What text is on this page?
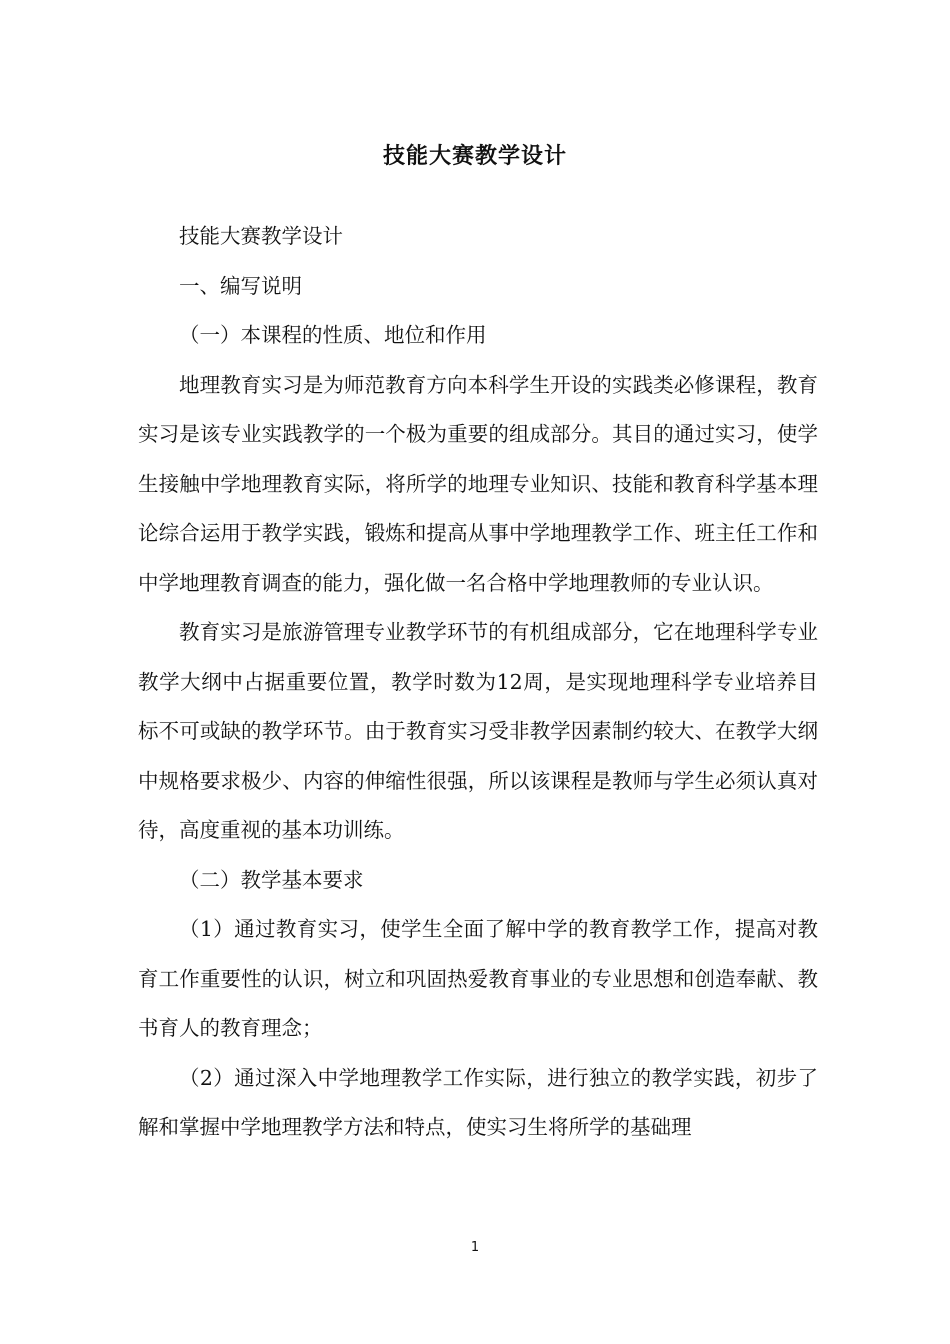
技能大赛教学设计

技能大赛教学设计

一、编写说明

（一）本课程的性质、地位和作用

地理教育实习是为师范教育方向本科学生开设的实践类必修课程，教育实习是该专业实践教学的一个极为重要的组成部分。其目的通过实习，使学生接触中学地理教育实际，将所学的地理专业知识、技能和教育科学基本理论综合运用于教学实践，锻炼和提高从事中学地理教学工作、班主任工作和中学地理教育调查的能力，强化做一名合格中学地理教师的专业认识。

教育实习是旅游管理专业教学环节的有机组成部分，它在地理科学专业教学大纲中占据重要位置，教学时数为12周，是实现地理科学专业培养目标不可或缺的教学环节。由于教育实习受非教学因素制约较大、在教学大纲中规格要求极少、内容的伸缩性很强，所以该课程是教师与学生必须认真对待，高度重视的基本功训练。

（二）教学基本要求

（1）通过教育实习，使学生全面了解中学的教育教学工作，提高对教育工作重要性的认识，树立和巩固热爱教育事业的专业思想和创造奉献、教书育人的教育理念；

（2）通过深入中学地理教学工作实际，进行独立的教学实践，初步了解和掌握中学地理教学方法和特点，使实习生将所学的基础理

1
